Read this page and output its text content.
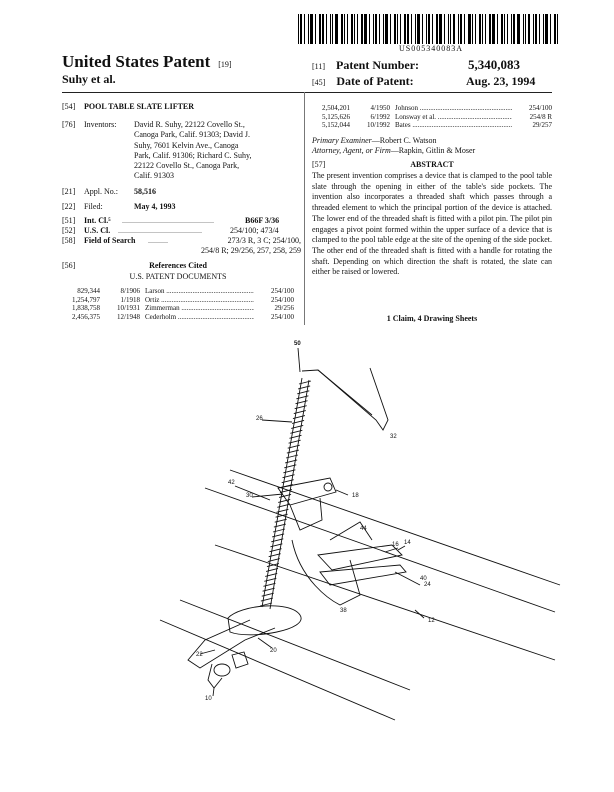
US005340083A
United States Patent [19]
Suhy et al.
[11] Patent Number:	5,340,083
[45] Date of Patent:	Aug. 23, 1994
[54] POOL TABLE SLATE LIFTER
[76] Inventors: David R. Suhy, 22122 Covello St.,
Canoga Park, Calif. 91303; David J.
Suhy, 7601 Kelvin Ave., Canoga
Park, Calif. 91306; Richard C. Suhy,
22122 Covello St., Canoga Park,
Calif. 91303
[21] Appl. No.: 58,516
[22] Filed:	May 4, 1993
[51] Int. Cl.⁵ ..............................................	B66F 3/36
[52] U.S. Cl. ..........................................	254/100; 473/4
[58] Field of Search ..........	273/3 R, 3 C; 254/100,
254/8 R; 29/256, 257, 258, 259
[56]	References Cited
U.S. PATENT DOCUMENTS
829,344	8/1906 Larson .....	254/100
1,254,797	1/1918 Ortiz .....	254/100
1,838,758	10/1931 Zimmerman .....	29/256
2,456,375	12/1948 Cederholm .....	254/100
2,504,201	4/1950 Johnson .....	254/100
5,125,626	6/1992 Lonsway et al. .....	254/8 R
5,152,044	10/1992 Bates .....	29/257
Primary Examiner—Robert C. Watson
Attorney, Agent, or Firm—Rapkin, Gitlin & Moser
[57]	ABSTRACT
The present invention comprises a device that is clamped to the pool table slate through the opening in either of the table's side pockets. The invention also incorporates a threaded shaft which passes through a threaded element to which the principal portion of the device is attached. The lower end of the threaded shaft is fitted with a pilot pin. The pilot pin engages a pivot point formed within the upper surface of a device that is clamped to the pool table edge at the site of the opening of the side pocket. The other end of the threaded shaft is fitted with a handle for rotating the shaft. Depending on which direction the shaft is rotated, the slate can either be raised or lowered.
1 Claim, 4 Drawing Sheets
50
26
32
42
30	18
16 14
24
12
22
20
10
40
44
38
